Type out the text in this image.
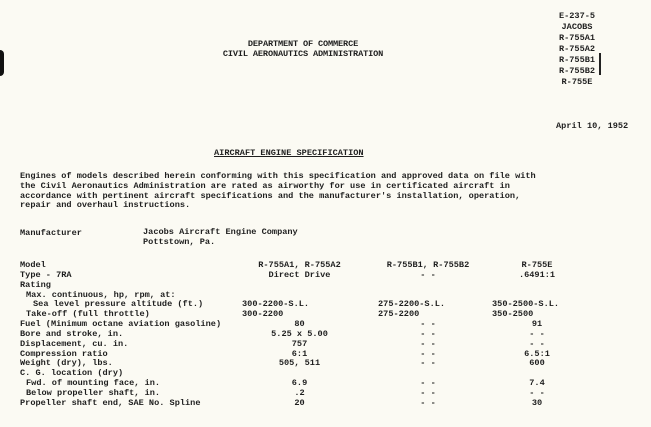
DEPARTMENT OF COMMERCE
CIVIL AERONAUTICS ADMINISTRATION
E-237-5
JACOBS
R-755A1
R-755A2
R-755B1
R-755B2
R-755E
April 10, 1952
AIRCRAFT ENGINE SPECIFICATION
Engines of models described herein conforming with this specification and approved data on file with
the Civil Aeronautics Administration are rated as airworthy for use in certificated aircraft in
accordance with pertinent aircraft specifications and the manufacturer's installation, operation,
repair and overhaul instructions.
Manufacturer	Jacobs Aircraft Engine Company
Pottstown, Pa.
Model
Type - 7RA
Rating
Max. continuous, hp, rpm, at:
Sea level pressure altitude (ft.)
Take-off (full throttle)
Fuel (Minimum octane aviation gasoline)
Bore and stroke, in.
Displacement, cu. in.
Compression ratio
Weight (dry), lbs.
C. G. location (dry)
Fwd. of mounting face, in.
Below propeller shaft, in.
Propeller shaft end, SAE No. Spline
R-755A1, R-755A2
Direct Drive
300-2200-S.L.
300-2200
80
5.25 x 5.00
757
6:1
505, 511
6.9
.2
20
R-755B1, R-755B2
- -
275-2200-S.L.
275-2200
- -
- -
- -
- -
- -
- -
- -
- -
R-755E
.6491:1
350-2500-S.L.
350-2500
91
- -
- -
6.5:1
600
7.4
- -
30
